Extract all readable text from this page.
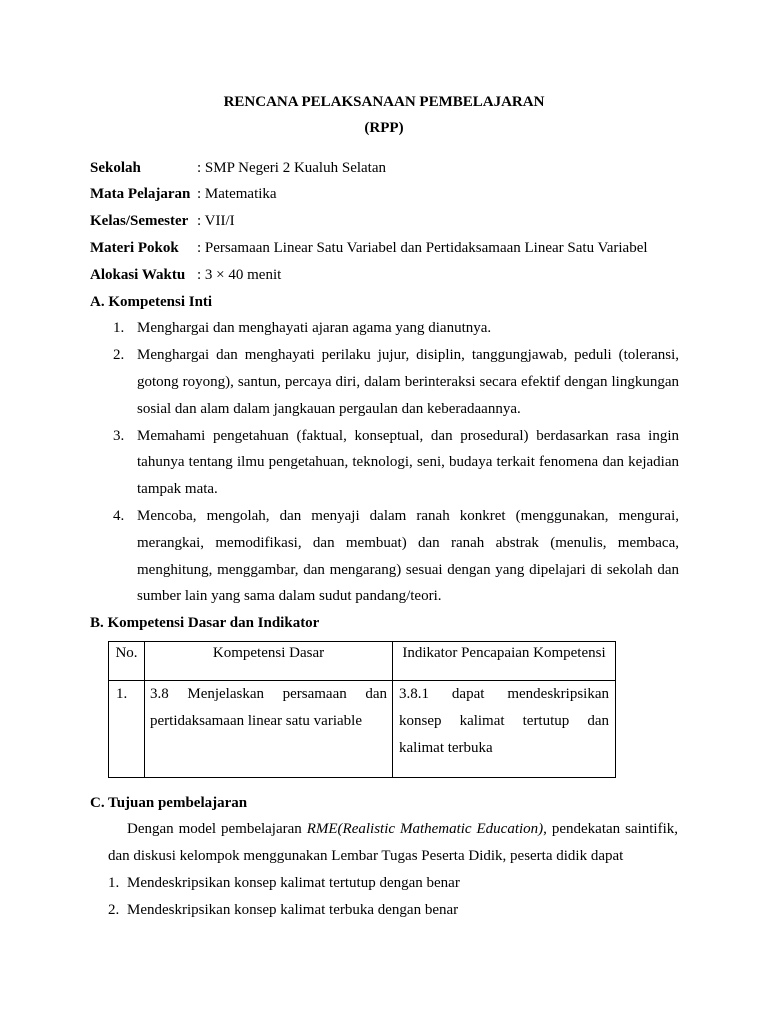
RENCANA PELAKSANAAN PEMBELAJARAN
(RPP)
Sekolah	: SMP Negeri 2 Kualuh Selatan
Mata Pelajaran : Matematika
Kelas/Semester : VII/I
Materi Pokok	: Persamaan Linear Satu Variabel dan Pertidaksamaan Linear Satu Variabel
Alokasi Waktu : 3 × 40 menit
A. Kompetensi Inti
1. Menghargai dan menghayati ajaran agama yang dianutnya.
2. Menghargai dan menghayati perilaku jujur, disiplin, tanggungjawab, peduli (toleransi, gotong royong), santun, percaya diri, dalam berinteraksi secara efektif dengan lingkungan sosial dan alam dalam jangkauan pergaulan dan keberadaannya.
3. Memahami pengetahuan (faktual, konseptual, dan prosedural) berdasarkan rasa ingin tahunya tentang ilmu pengetahuan, teknologi, seni, budaya terkait fenomena dan kejadian tampak mata.
4. Mencoba, mengolah, dan menyaji dalam ranah konkret (menggunakan, mengurai, merangkai, memodifikasi, dan membuat) dan ranah abstrak (menulis, membaca, menghitung, menggambar, dan mengarang) sesuai dengan yang dipelajari di sekolah dan sumber lain yang sama dalam sudut pandang/teori.
B. Kompetensi Dasar dan Indikator
No.	Kompetensi Dasar	Indikator Pencapaian Kompetensi
1.	3.8 Menjelaskan persamaan dan pertidaksamaan linear satu variable	3.8.1 dapat mendeskripsikan konsep kalimat tertutup dan kalimat terbuka
C. Tujuan pembelajaran
Dengan model pembelajaran RME(Realistic Mathematic Education), pendekatan saintifik, dan diskusi kelompok menggunakan Lembar Tugas Peserta Didik, peserta didik dapat
1. Mendeskripsikan konsep kalimat tertutup dengan benar
2. Mendeskripsikan konsep kalimat terbuka dengan benar
